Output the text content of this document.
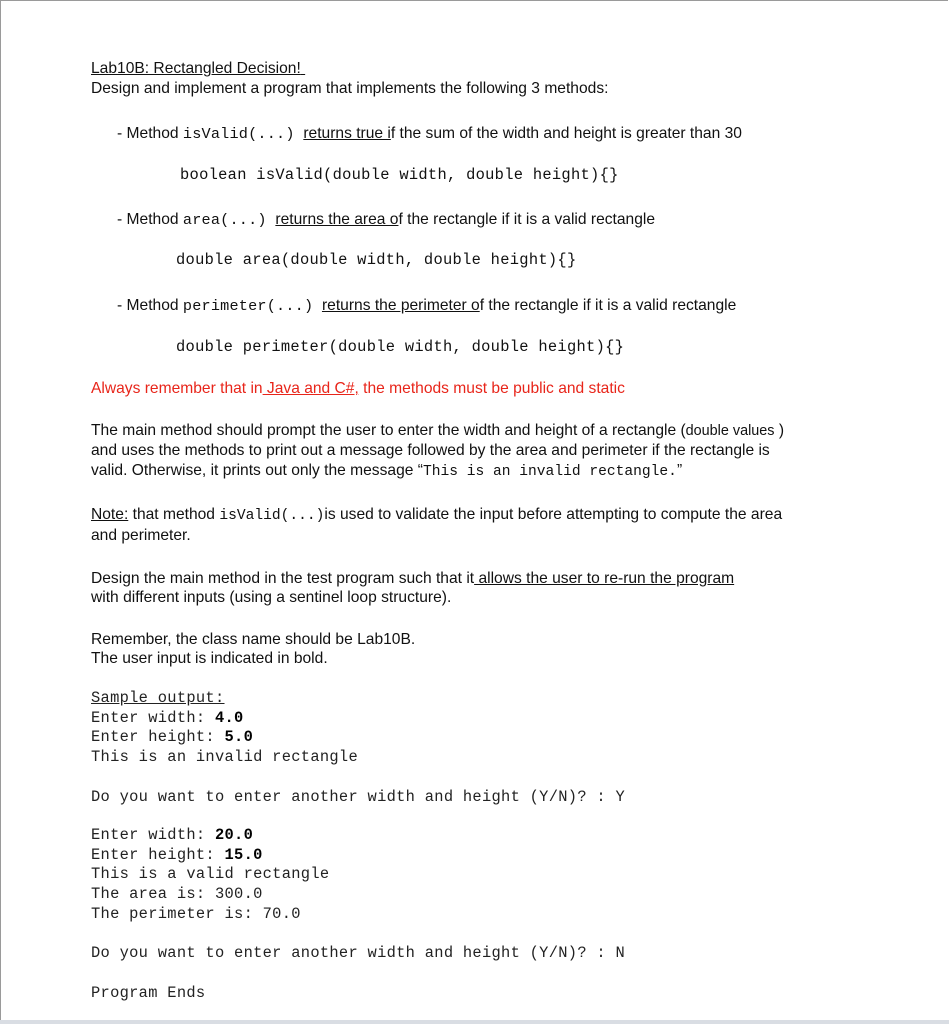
Lab10B: Rectangled Decision!
Design and implement a program that implements the following 3 methods:
- Method isValid(...) returns true if the sum of the width and height is greater than 30
boolean isValid(double width, double height){}
- Method area(...) returns the area of the rectangle if it is a valid rectangle
double area(double width, double height){}
- Method perimeter(...) returns the perimeter of the rectangle if it is a valid rectangle
double perimeter(double width, double height){}
Always remember that in Java and C#, the methods must be public and static
The main method should prompt the user to enter the width and height of a rectangle (double values )
and uses the methods to print out a message followed by the area and perimeter if the rectangle is
valid. Otherwise, it prints out only the message “This is an invalid rectangle.”
Note: that method isValid(...)is used to validate the input before attempting to compute the area
and perimeter.
Design the main method in the test program such that it allows the user to re-run the program
with different inputs (using a sentinel loop structure).
Remember, the class name should be Lab10B.
The user input is indicated in bold.
Sample output:
Enter width: 4.0
Enter height: 5.0
This is an invalid rectangle
Do you want to enter another width and height (Y/N)? : Y
Enter width: 20.0
Enter height: 15.0
This is a valid rectangle
The area is: 300.0
The perimeter is: 70.0
Do you want to enter another width and height (Y/N)? : N
Program Ends
